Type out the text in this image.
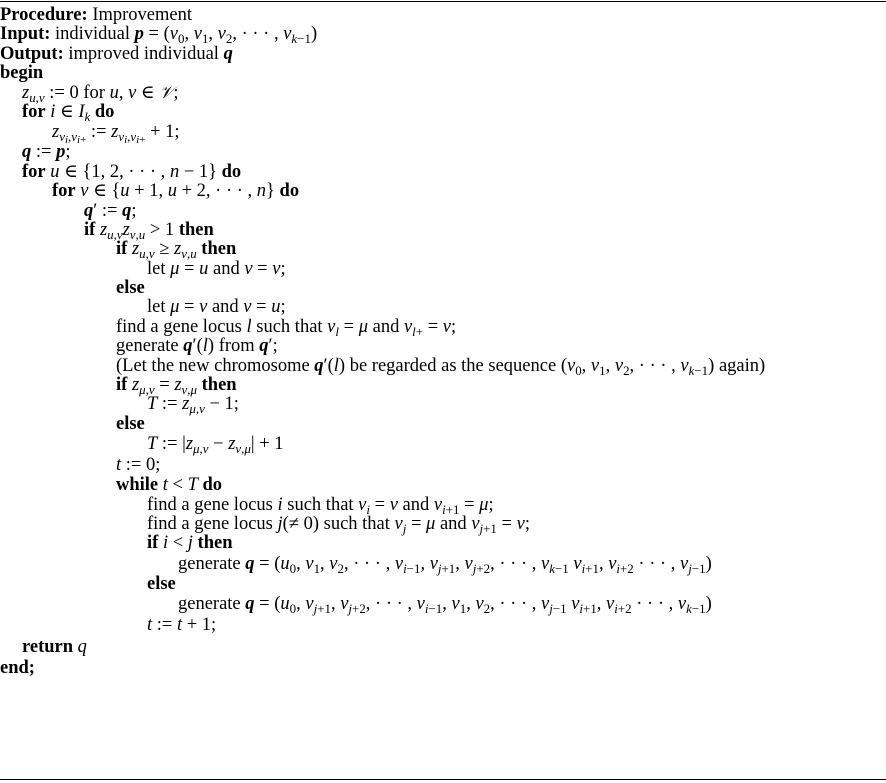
Procedure: Improvement
Input: individual $p = (v_0$, $v_1$, $v_2$, · · · , $v_{k-1}$)
Output: improved individual q
begin
$z_{u,v}$ := 0 for u, v ∈ 𝒱;
for i ∈ $I_k$ do
$z_{v_i,v_{i+}}$ := $z_{v_i,v_{i+}} + 1$;
q := p;
for u ∈ {1, 2, · · · , n − 1} do
for v ∈ {u + 1, u + 2, · · · , n} do
q′ := q;
if $z_{u,v}z_{v,u} > 1$ then
if $z_{u,v} \ge z_{v,u}$ then
let μ = u and ν = v;
else
let μ = v and ν = u;
find a gene locus l such that $v_l = \mu$ and $v_{l+} = \nu$;
generate q′(l) from q′;
(Let the new chromosome q′(l) be regarded as the sequence ($v_0$, $v_1$, $v_2$, · · · , $v_{k-1}$) again)
if $z_{\mu,\nu} = z_{\nu,\mu}$ then
T := $z_{\mu,\nu} - 1$;
else
T := $|z_{\mu,\nu} - z_{\nu,\mu}| + 1$
t := 0;
while t < T do
find a gene locus i such that $v_i = \nu$ and $v_{i+1} = \mu$;
find a gene locus j(≠ 0) such that $v_j = \mu$ and $v_{j+1} = \nu$;
if i < j then
generate $q = (u_0$, $v_1$, $v_2$, · · · , $v_{i-1}$, $v_{j+1}$, $v_{j+2}$, · · · , $v_{k-1}$ $v_{i+1}$, $v_{i+2}$ · · · , $v_{j-1}$)
else
generate $q = (u_0$, $v_{j+1}$, $v_{j+2}$, · · · , $v_{i-1}$, $v_1$, $v_2$, · · · , $v_{j-1}$ $v_{i+1}$, $v_{i+2}$ · · · , $v_{k-1}$)
t := t + 1;
return q
end;
